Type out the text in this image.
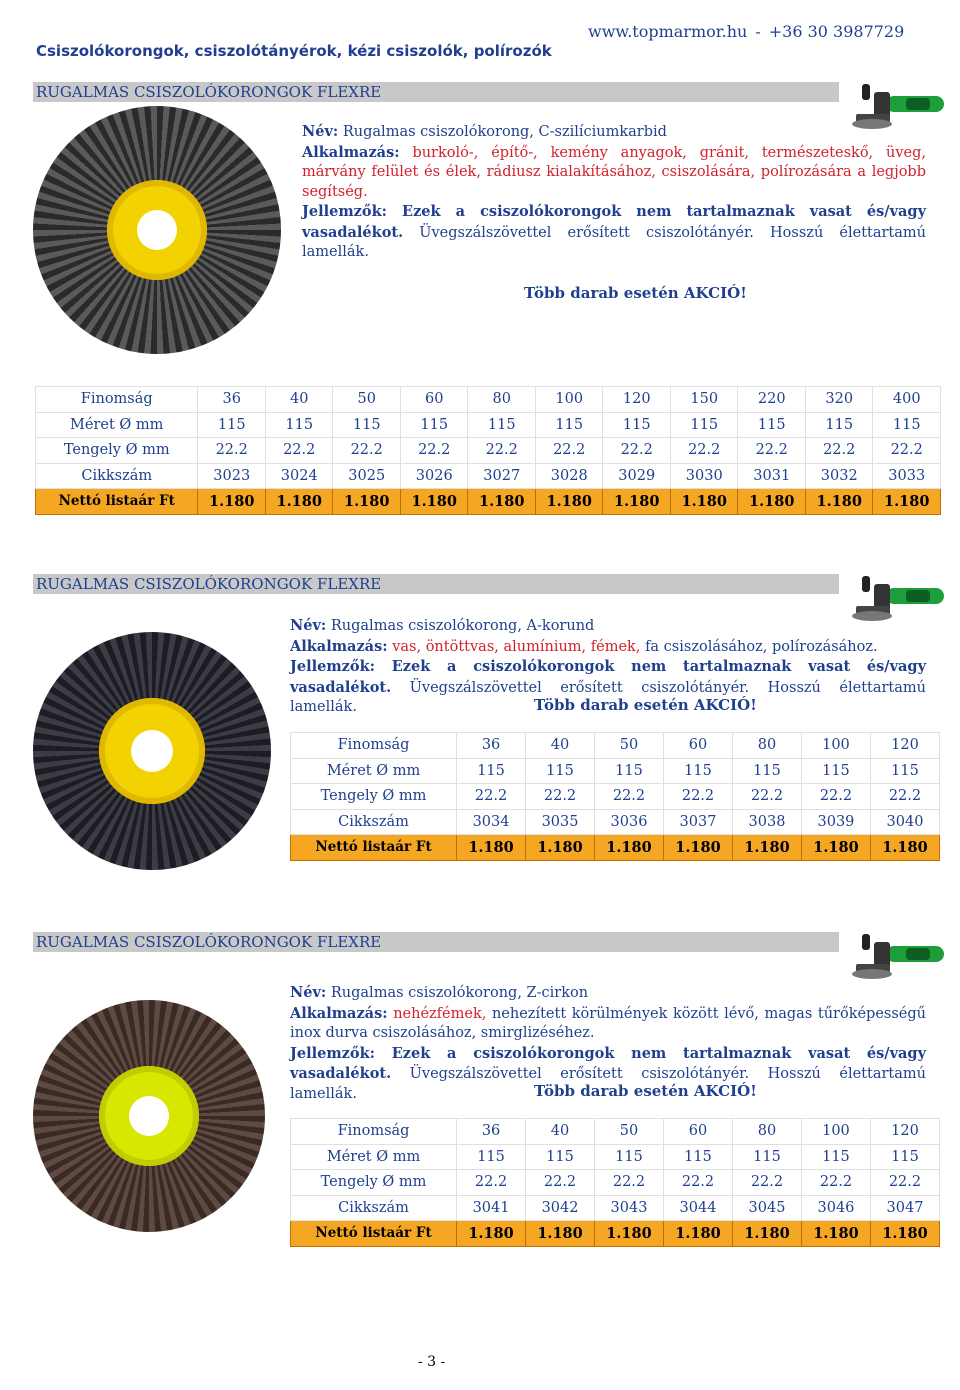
www.topmarmor.hu - +36 30 3987729
Csiszolókorongok, csiszolótányérok, kézi csiszolók, polírozók
RUGALMAS CSISZOLÓKORONGOK FLEXRE

Név: Rugalmas csiszolókorong, C-szilíciumkarbid

Alkalmazás: burkoló-, építő-, kemény anyagok, gránit, természeteskő, üveg, márvány felület és élek, rádiusz kialakításához, csiszolására, polírozására a legjobb segítség.

Jellemzők: Ezek a csiszolókorongok nem tartalmaznak vasat és/vagy vasadalékot. Üvegszálszövettel erősített csiszolótányér. Hosszú élettartamú lamellák.

Több darab esetén AKCIÓ!
Finomság	36	40	50	60	80	100	120	150	220	320	400
Méret Ø mm	115	115	115	115	115	115	115	115	115	115	115
Tengely Ø mm	22.2	22.2	22.2	22.2	22.2	22.2	22.2	22.2	22.2	22.2	22.2
Cikkszám	3023	3024	3025	3026	3027	3028	3029	3030	3031	3032	3033
Nettó listaár Ft	1.180	1.180	1.180	1.180	1.180	1.180	1.180	1.180	1.180	1.180	1.180
RUGALMAS CSISZOLÓKORONGOK FLEXRE

Név: Rugalmas csiszolókorong, A-korund

Alkalmazás: vas, öntöttvas, alumínium, fémek, fa csiszolásához, polírozásához.

Jellemzők: Ezek a csiszolókorongok nem tartalmaznak vasat és/vagy vasadalékot. Üvegszálszövettel erősített csiszolótányér. Hosszú élettartamú lamellák.	Több darab esetén AKCIÓ!
Finomság	36	40	50	60	80	100	120
Méret Ø mm	115	115	115	115	115	115	115
Tengely Ø mm	22.2	22.2	22.2	22.2	22.2	22.2	22.2
Cikkszám	3034	3035	3036	3037	3038	3039	3040
Nettó listaár Ft	1.180	1.180	1.180	1.180	1.180	1.180	1.180
RUGALMAS CSISZOLÓKORONGOK FLEXRE

Név: Rugalmas csiszolókorong, Z-cirkon

Alkalmazás: nehézfémek, nehezített körülmények között lévő, magas tűrőképességű inox durva csiszolásához, smirglizéséhez.

Jellemzők: Ezek a csiszolókorongok nem tartalmaznak vasat és/vagy vasadalékot. Üvegszálszövettel erősített csiszolótányér. Hosszú élettartamú lamellák.	Több darab esetén AKCIÓ!
Finomság	36	40	50	60	80	100	120
Méret Ø mm	115	115	115	115	115	115	115
Tengely Ø mm	22.2	22.2	22.2	22.2	22.2	22.2	22.2
Cikkszám	3041	3042	3043	3044	3045	3046	3047
Nettó listaár Ft	1.180	1.180	1.180	1.180	1.180	1.180	1.180
- 3 -
